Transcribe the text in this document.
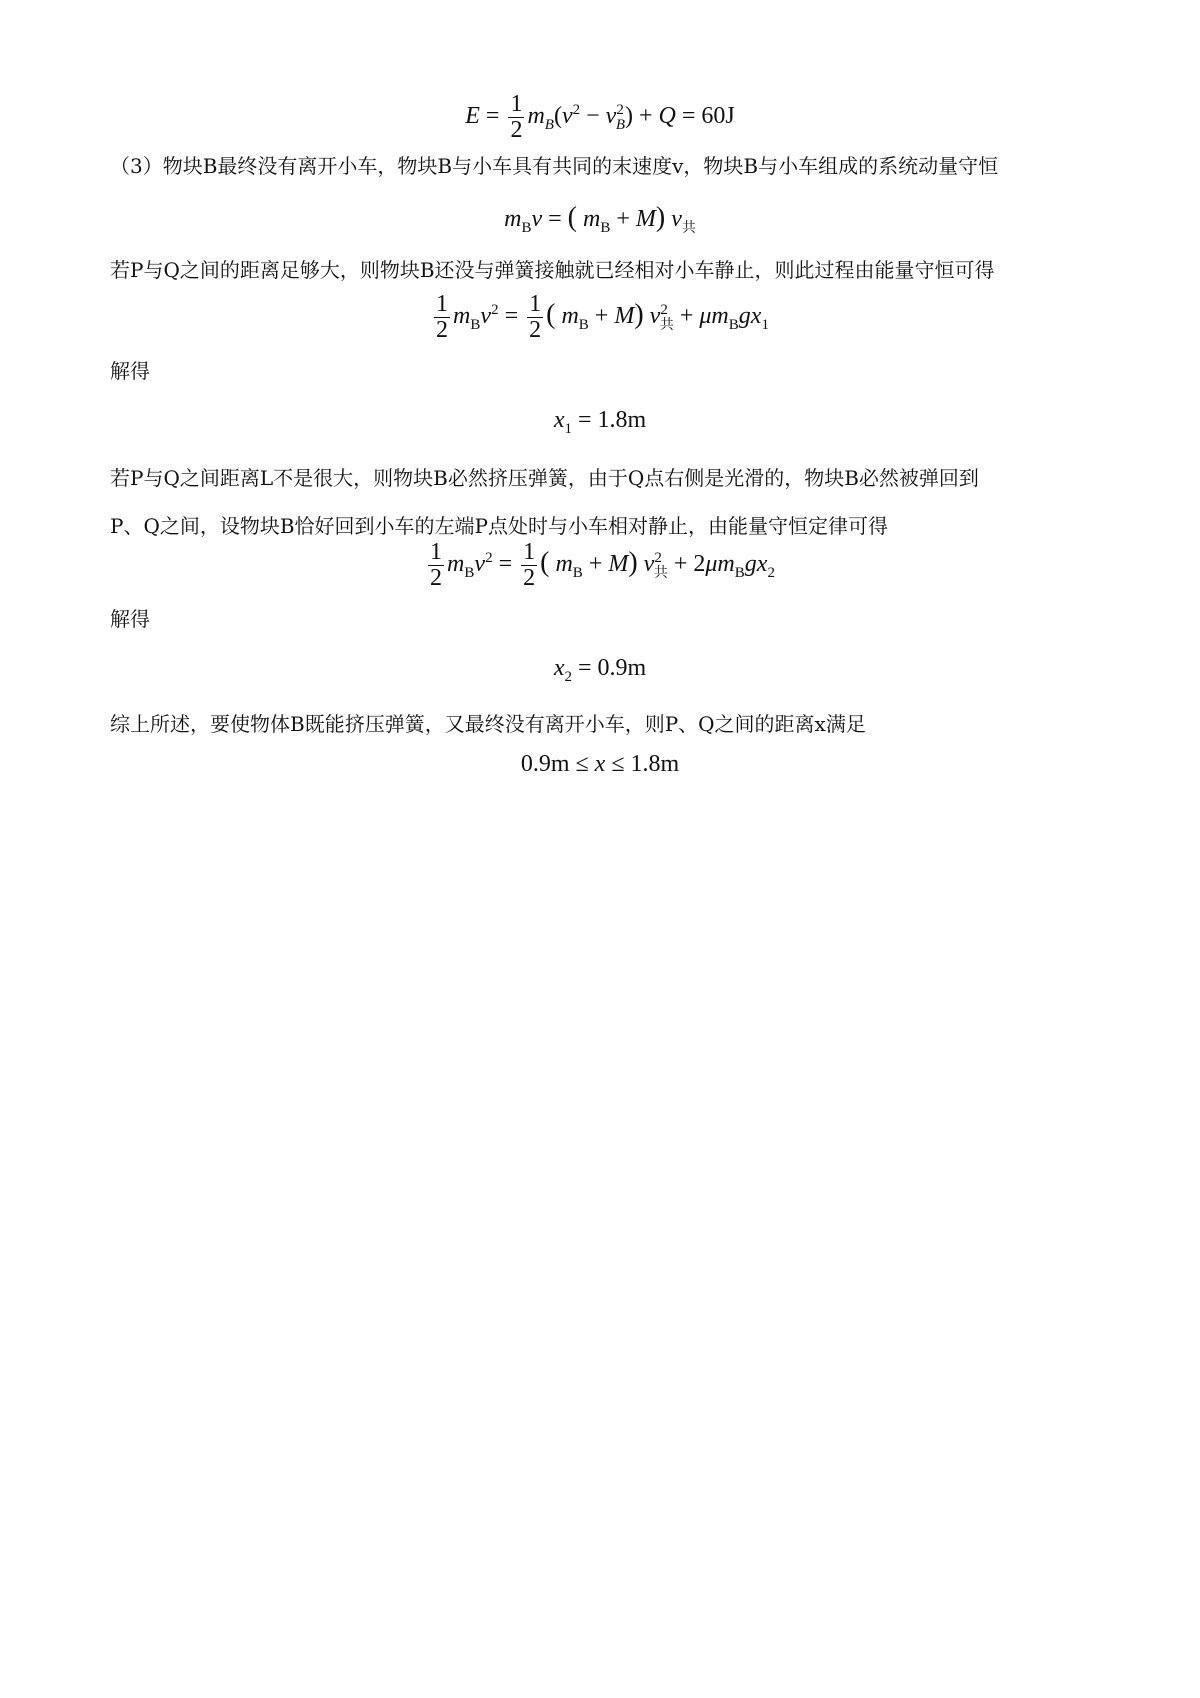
$E = \frac{1}{2} m_B(v^2 - v^2_B) + Q = 60J$
（3）物块B最终没有离开小车，物块B与小车具有共同的末速度v，物块B与小车组成的系统动量守恒
$m_Bv$ = ( $m_B + M$) $v_共$
若P与Q之间的距离足够大，则物块B还没与弹簧接触就已经相对小车静止，则此过程由能量守恒可得
$\frac{1}{2} m_Bv^2 = \frac{1}{2}$ ( $m_B + M$) $v^2_共 + \mu m_Bgx_1$
解得
$x_1 = 1.8m$
若P与Q之间距离L不是很大，则物块B必然挤压弹簧，由于Q点右侧是光滑的，物块B必然被弹回到
P、Q之间，设物块B恰好回到小车的左端P点处时与小车相对静止，由能量守恒定律可得
$\frac{1}{2} m_Bv^2 = \frac{1}{2}$ ( $m_B + M$) $v^2_共 + 2\mu m_Bgx_2$
解得
$x_2 = 0.9m$
综上所述，要使物体B既能挤压弹簧，又最终没有离开小车，则P、Q之间的距离x满足
0.9m ≤ x ≤ 1.8m
